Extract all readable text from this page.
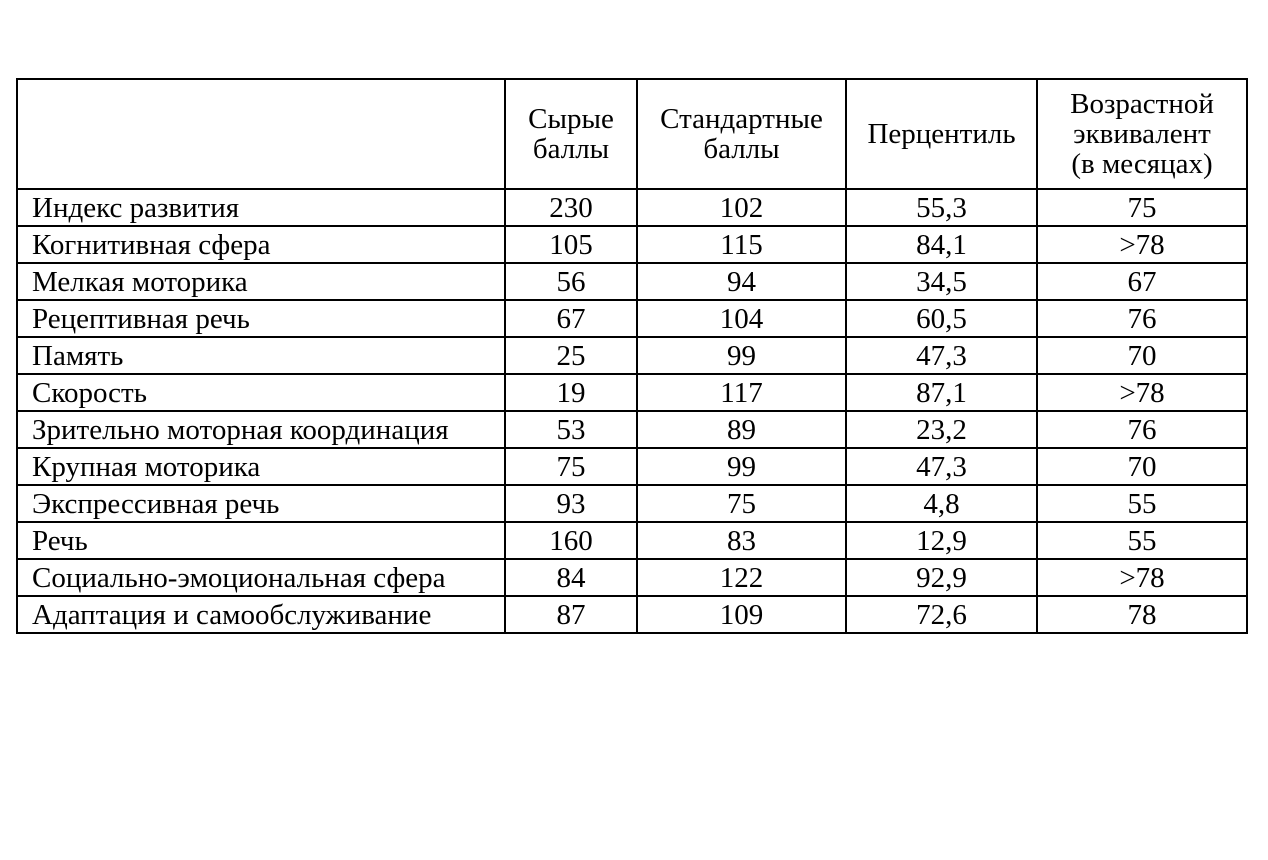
	Сырые
баллы	Стандартные
баллы	Перцентиль	Возрастной
эквивалент
(в месяцах)

Индекс развития	230	102	55,3	75
Когнитивная сфера	105	115	84,1	>78
Мелкая моторика	56	94	34,5	67
Рецептивная речь	67	104	60,5	76
Память	25	99	47,3	70
Скорость	19	117	87,1	>78
Зрительно моторная координация	53	89	23,2	76
Крупная моторика	75	99	47,3	70
Экспрессивная речь	93	75	4,8	55
Речь	160	83	12,9	55
Социально-эмоциональная сфера	84	122	92,9	>78
Адаптация и самообслуживание	87	109	72,6	78
